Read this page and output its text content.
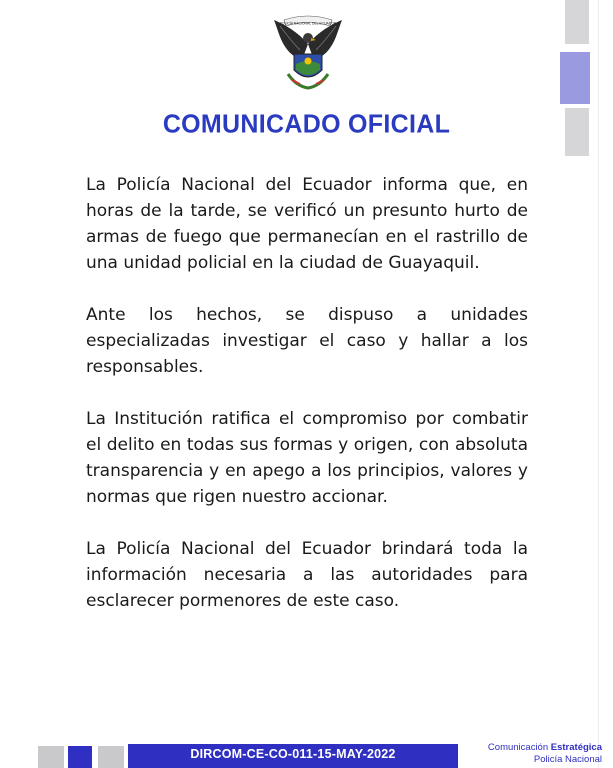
POLICÍA NACIONAL DEL ECUADOR
COMUNICADO OFICIAL

La Policía Nacional del Ecuador informa que, en horas de la tarde, se verificó un presunto hurto de armas de fuego que permanecían en el rastrillo de una unidad policial en la ciudad de Guayaquil.

Ante los hechos, se dispuso a unidades especializadas investigar el caso y hallar a los responsables.

La Institución ratifica el compromiso por combatir el delito en todas sus formas y origen, con absoluta transparencia y en apego a los principios, valores y normas que rigen nuestro accionar.

La Policía Nacional del Ecuador brindará toda la información necesaria a las autoridades para esclarecer pormenores de este caso.

DIRCOM-CE-CO-011-15-MAY-2022	Comunicación Estratégica
Policía Nacional
